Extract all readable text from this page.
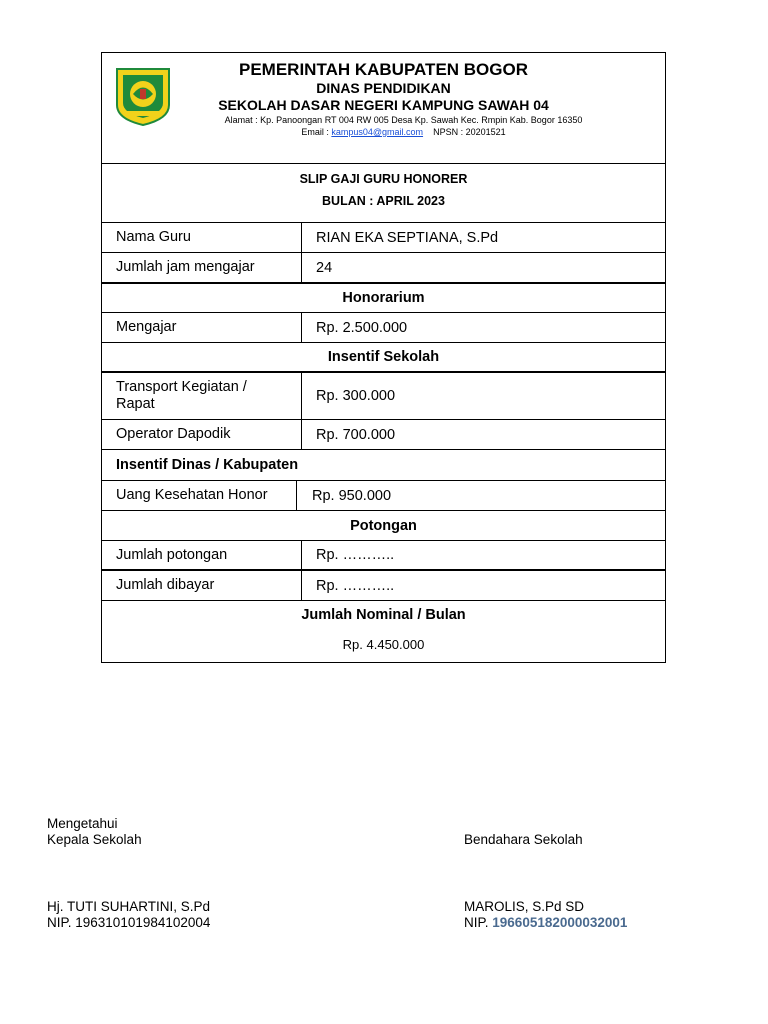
PEMERINTAH KABUPATEN BOGOR
DINAS PENDIDIKAN
SEKOLAH DASAR NEGERI KAMPUNG SAWAH 04
Alamat : Kp. Panoongan RT 004 RW 005 Desa Kp. Sawah Kec. Rmpin Kab. Bogor 16350
Email : kampus04@gmail.com NPSN : 20201521
SLIP GAJI GURU HONORER
BULAN : APRIL 2023
Nama Guru	RIAN EKA SEPTIANA, S.Pd
Jumlah jam mengajar	24
Honorarium
Mengajar	Rp. 2.500.000
Insentif Sekolah
Transport Kegiatan / Rapat	Rp. 300.000
Operator Dapodik	Rp. 700.000
Insentif Dinas / Kabupaten
Uang Kesehatan Honor	Rp. 950.000
Potongan
Jumlah potongan	Rp. ………..
Jumlah dibayar	Rp. ………..
Jumlah Nominal / Bulan
Rp. 4.450.000
Mengetahui
Kepala Sekolah
Hj. TUTI SUHARTINI, S.Pd
NIP. 196310101984102004
Bendahara Sekolah
MAROLIS, S.Pd SD
NIP. 196605182000032001
